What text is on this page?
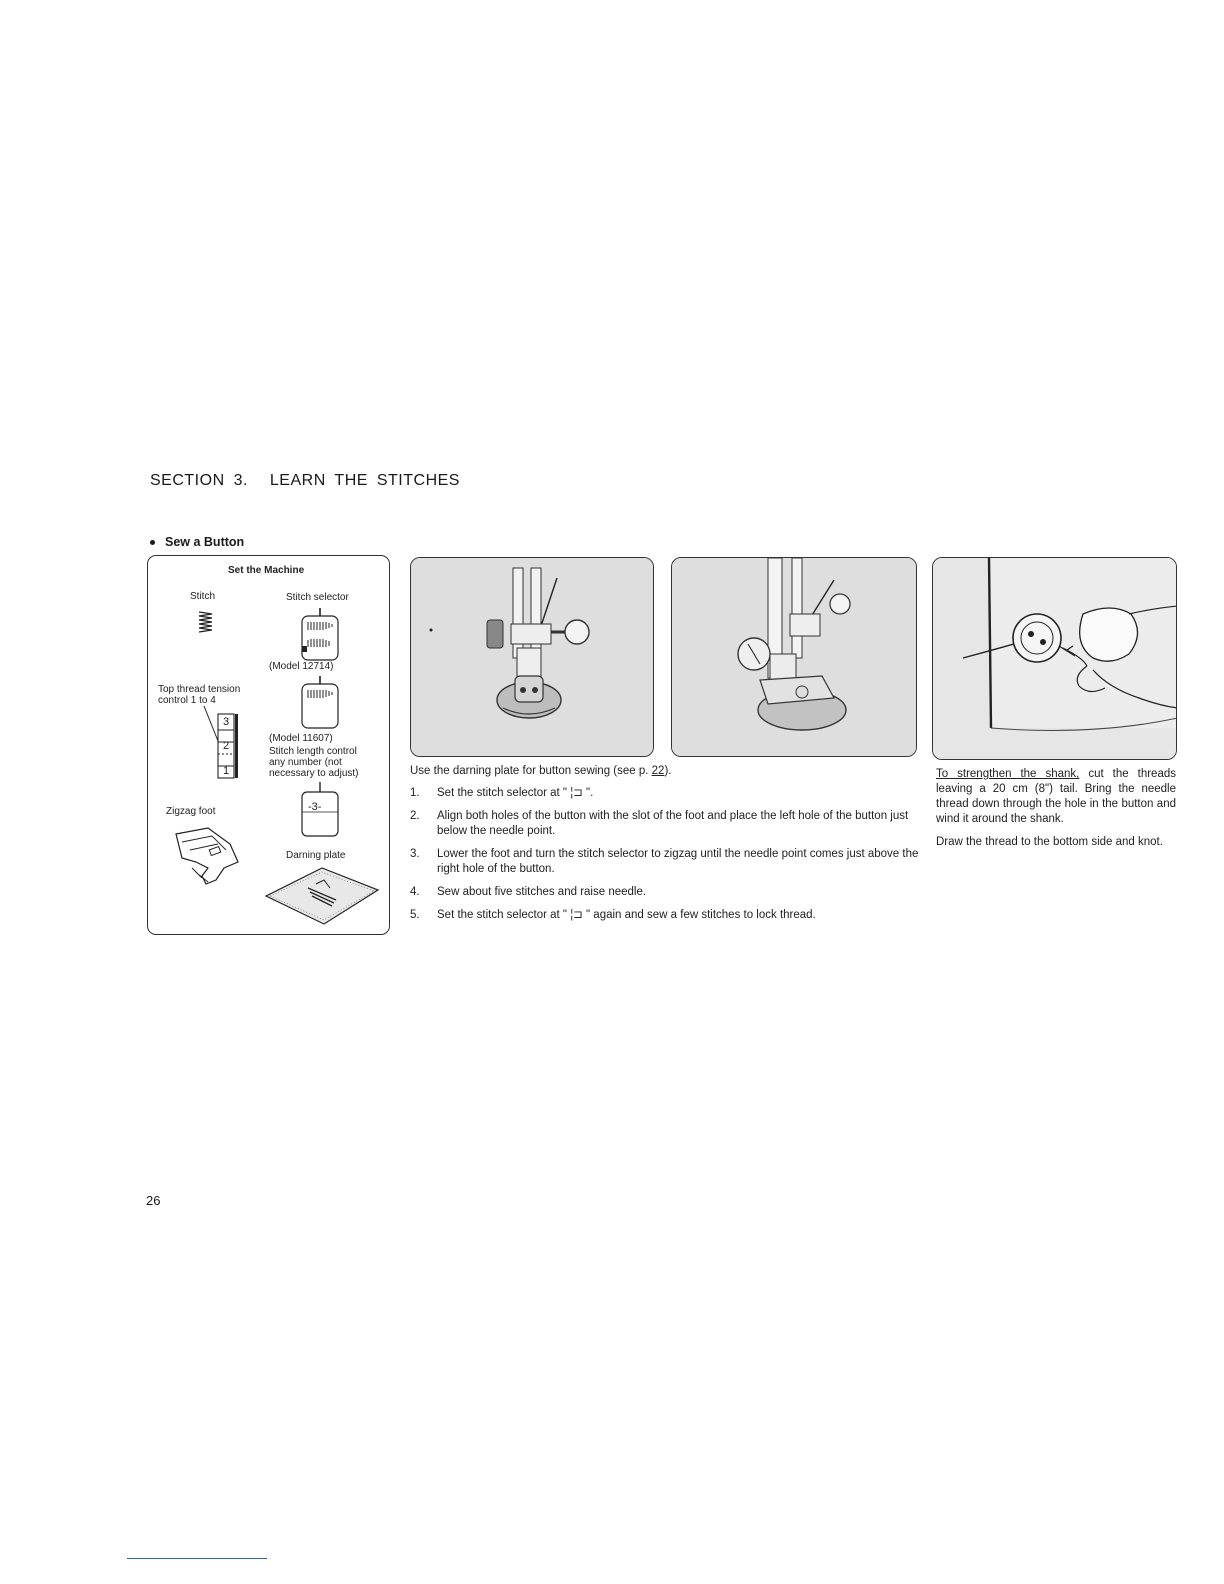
SECTION 3. LEARN THE STITCHES
Sew a Button
Set the Machine
Stitch	Stitch selector
(Model 12714)
Top thread tension
control 1 to 4
3
2
1
(Model 11607)
Stitch length control
any number (not
necessary to adjust)
Zigzag foot	-3-
Darning plate
Use the darning plate for button sewing (see p. 22).
1. Set the stitch selector at " ¦⊐ ".
2. Align both holes of the button with the slot of the foot and place the left hole of the button just below the needle point.
3. Lower the foot and turn the stitch selector to zigzag until the needle point comes just above the right hole of the button.
4. Sew about five stitches and raise needle.
5. Set the stitch selector at " ¦⊐ " again and sew a few stitches to lock thread.

To strengthen the shank, cut the threads leaving a 20 cm (8") tail. Bring the needle thread down through the hole in the button and wind it around the shank.

Draw the thread to the bottom side and knot.

26
